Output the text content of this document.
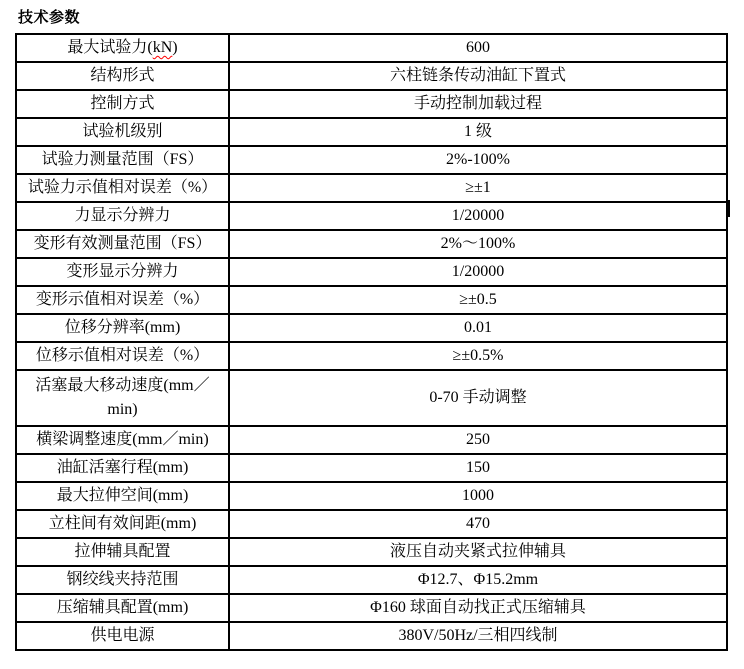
技术参数
最大试验力(kN)	600
结构形式	六柱链条传动油缸下置式
控制方式	手动控制加载过程
试验机级别	1 级
试验力测量范围（FS）	2%-100%
试验力示值相对误差（%）	≥±1
力显示分辨力	1/20000
变形有效测量范围（FS）	2%～100%
变形显示分辨力	1/20000
变形示值相对误差（%）	≥±0.5
位移分辨率(mm)	0.01
位移示值相对误差（%）	≥±0.5%
活塞最大移动速度(mm／min)	0-70 手动调整
横梁调整速度(mm／min)	250
油缸活塞行程(mm)	150
最大拉伸空间(mm)	1000
立柱间有效间距(mm)	470
拉伸辅具配置	液压自动夹紧式拉伸辅具
钢绞线夹持范围	Φ12.7、Φ15.2mm
压缩辅具配置(mm)	Φ160 球面自动找正式压缩辅具
供电电源	380V/50Hz/三相四线制
